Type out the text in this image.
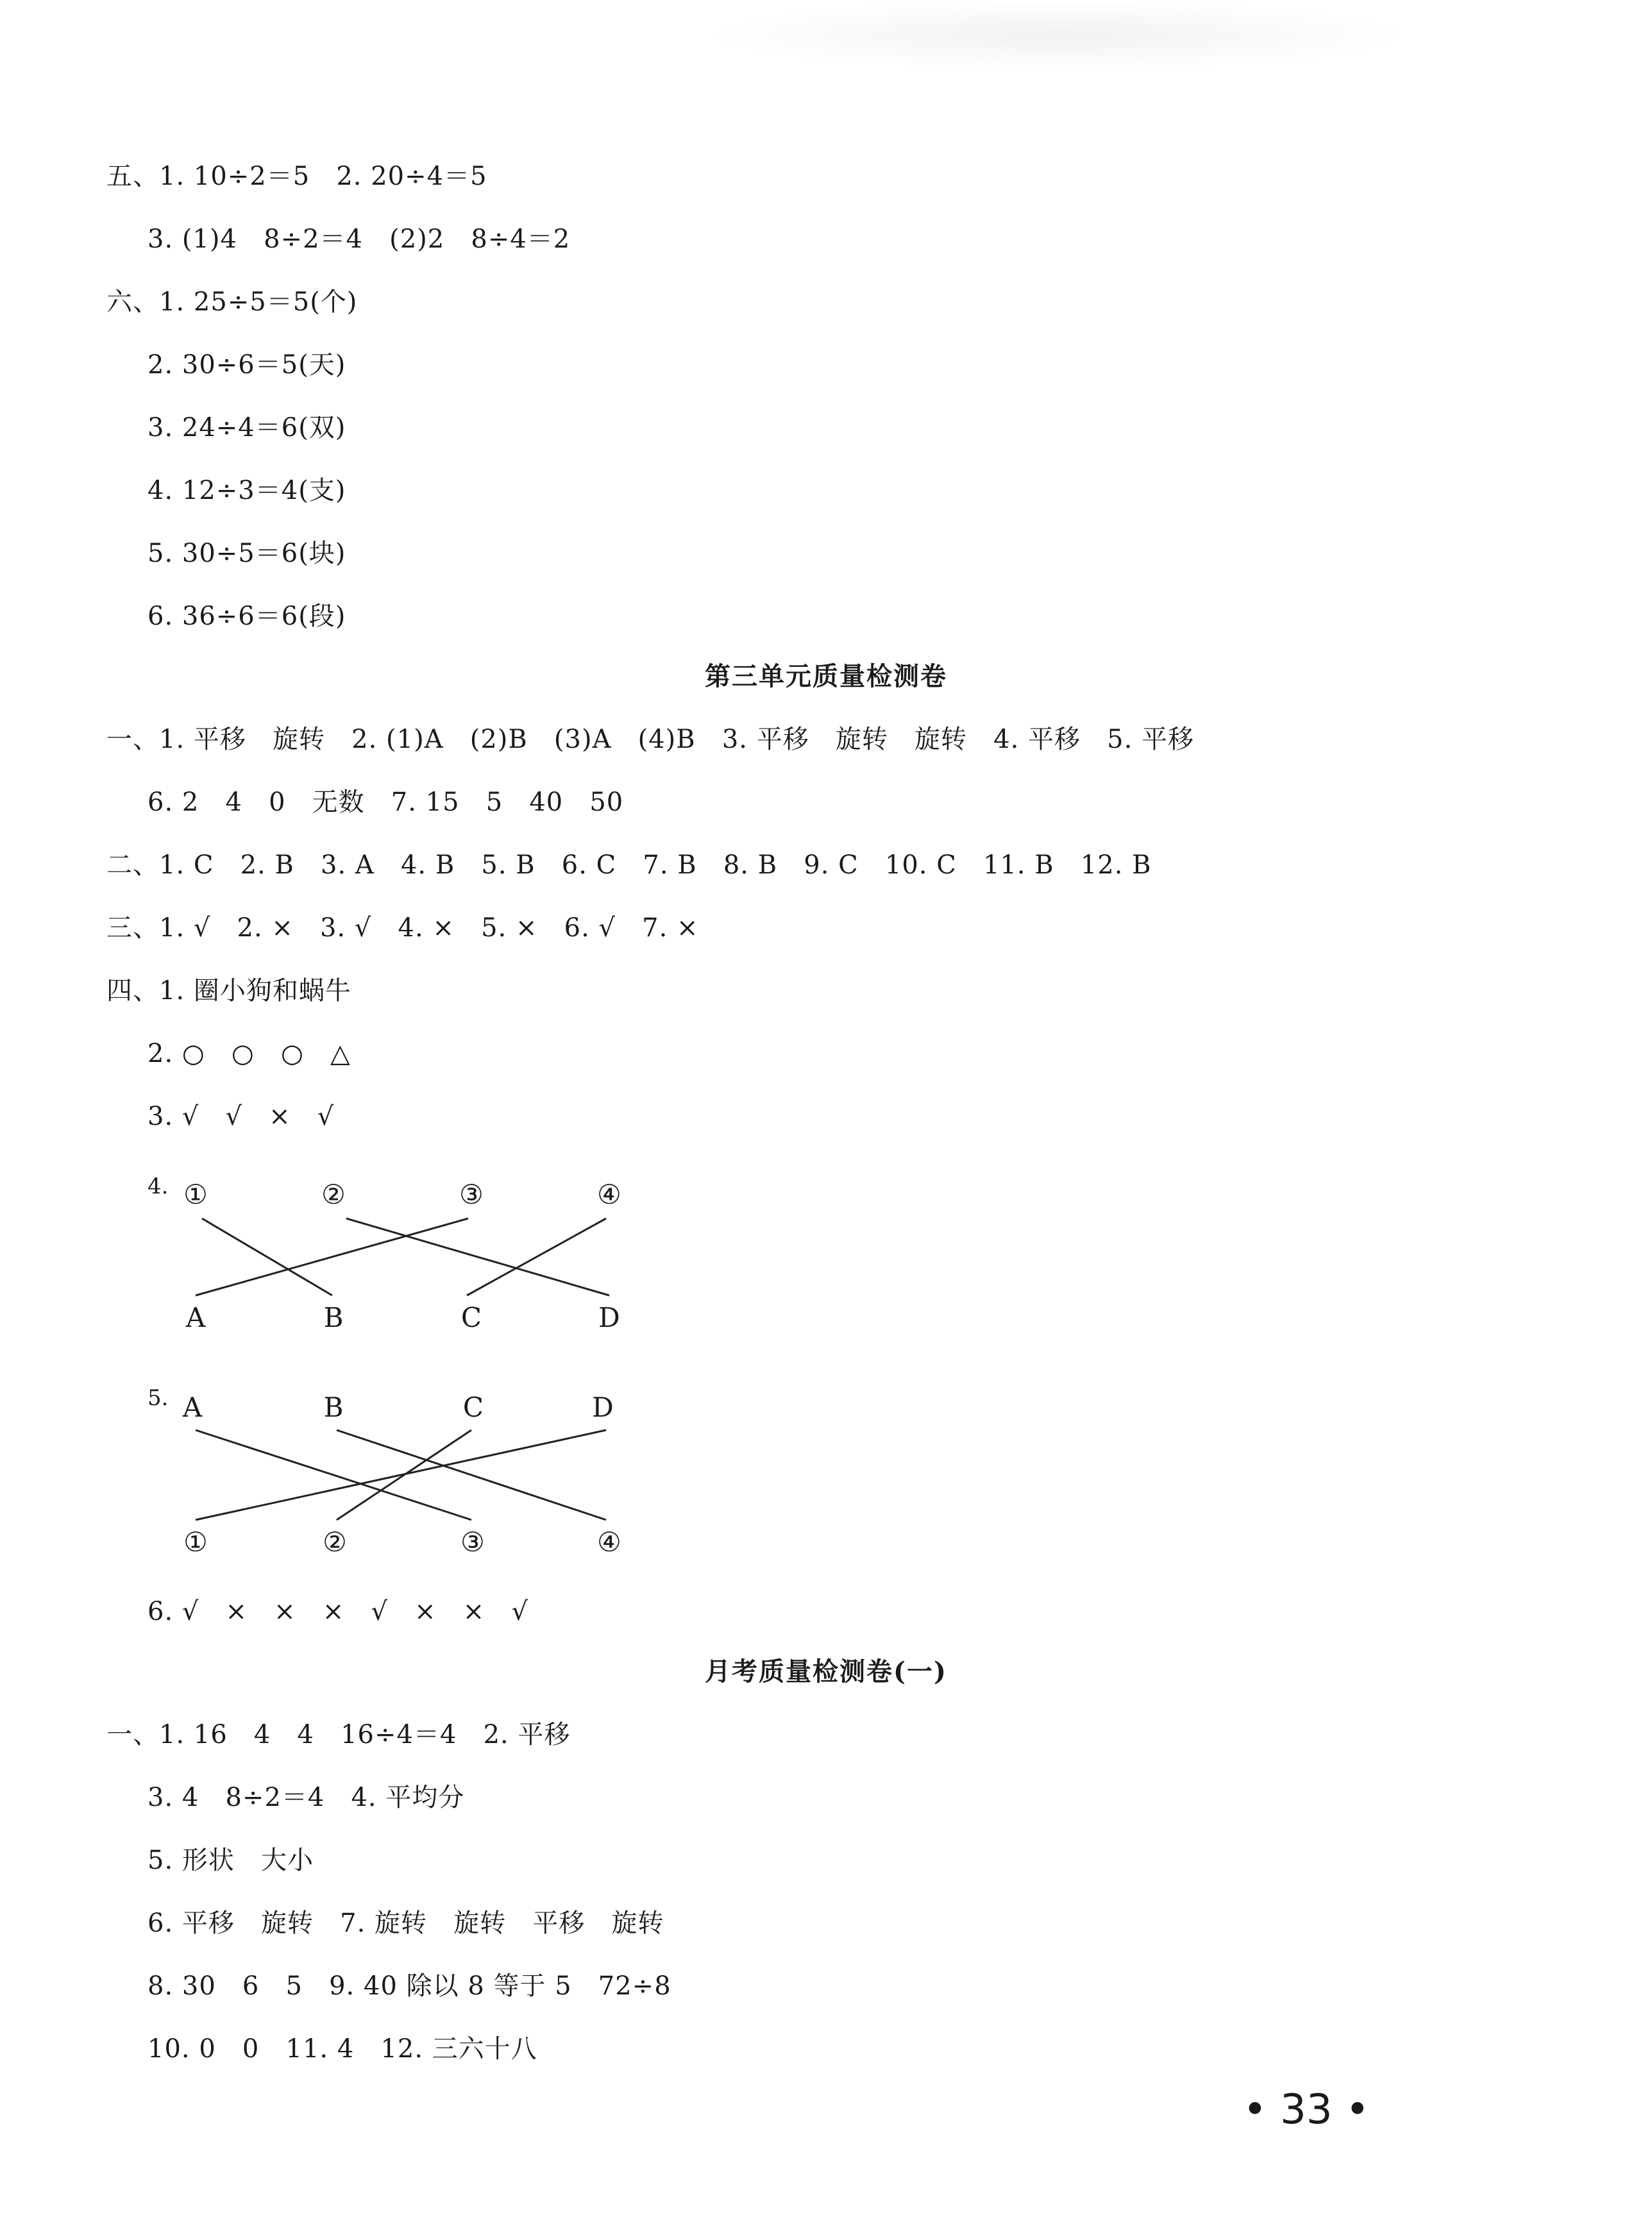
五、1. 10÷2＝5   2. 20÷4＝5
3. (1)4   8÷2＝4   (2)2   8÷4＝2
六、1. 25÷5＝5(个)
2. 30÷6＝5(天)
3. 24÷4＝6(双)
4. 12÷3＝4(支)
5. 30÷5＝6(块)
6. 36÷6＝6(段)
第三单元质量检测卷
一、1. 平移   旋转   2. (1)A   (2)B   (3)A   (4)B   3. 平移   旋转   旋转   4. 平移   5. 平移
6. 2   4   0   无数   7. 15   5   40   50
二、1. C   2. B   3. A   4. B   5. B   6. C   7. B   8. B   9. C   10. C   11. B   12. B
三、1. √   2. ×   3. √   4. ×   5. ×   6. √   7. ×
四、1. 圈小狗和蜗牛
2. ○   ○   ○   △
3. √   √   ×   √
4. ①	②	③	④
A	B	C	D
5. A	B	C	D
①	②	③	④
6. √   ×   ×   ×   √   ×   ×   √
月考质量检测卷(一)
一、1. 16   4   4   16÷4＝4   2. 平移
3. 4   8÷2＝4   4. 平均分
5. 形状   大小
6. 平移   旋转   7. 旋转   旋转   平移   旋转
8. 30   6   5   9. 40 除以 8 等于 5   72÷8
10. 0   0   11. 4   12. 三六十八
• 33 •
